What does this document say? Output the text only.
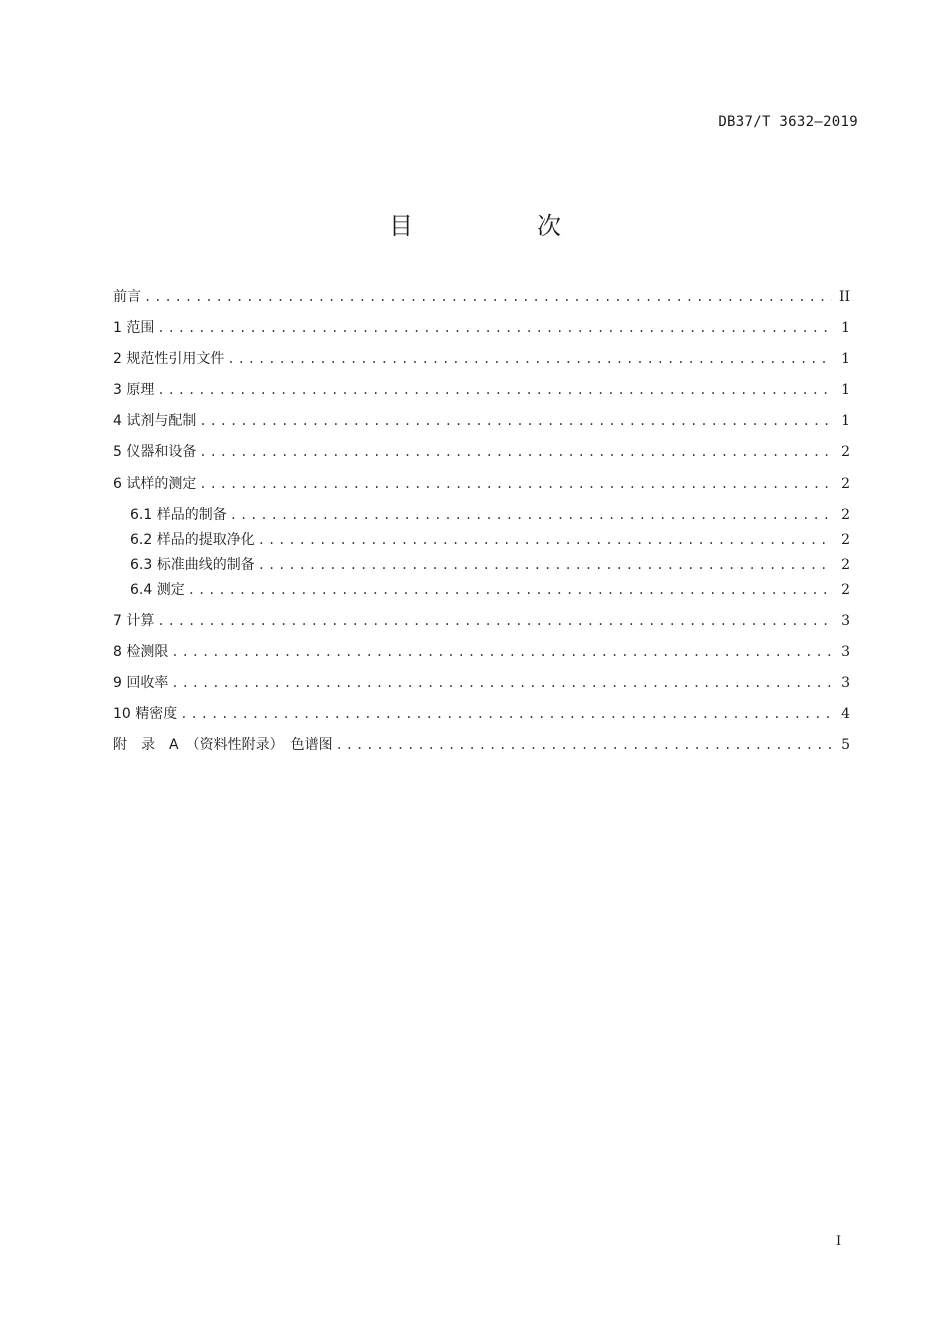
DB37/T 3632—2019
目　次
前言 .....	II
1 范围 .....	1
2 规范性引用文件 .....	1
3 原理 .....	1
4 试剂与配制 .....	1
5 仪器和设备 .....	2
6 试样的测定 .....	2
6.1 样品的制备 .....	2
6.2 样品的提取净化 .....	2
6.3 标准曲线的制备 .....	2
6.4 测定 .....	2
7 计算 .....	3
8 检测限 .....	3
9 回收率 .....	3
10 精密度 .....	4
附　录　A　（资料性附录）　色谱图 .....	5
I
